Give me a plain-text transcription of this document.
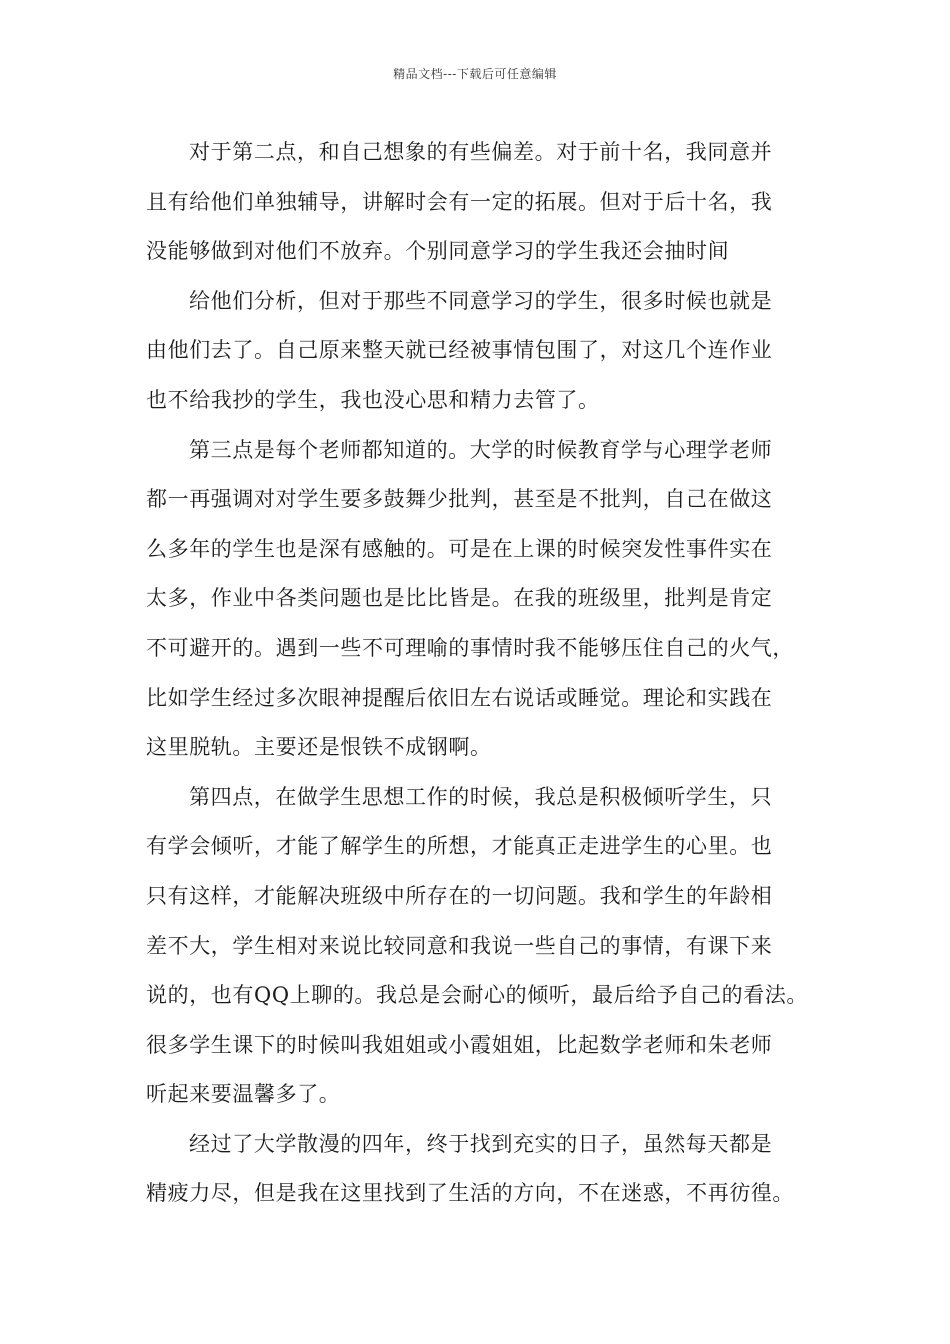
精品文档---下载后可任意编辑
对于第二点，和自己想象的有些偏差。对于前十名，我同意并
且有给他们单独辅导，讲解时会有一定的拓展。但对于后十名，我
没能够做到对他们不放弃。个别同意学习的学生我还会抽时间
给他们分析，但对于那些不同意学习的学生，很多时候也就是
由他们去了。自己原来整天就已经被事情包围了，对这几个连作业
也不给我抄的学生，我也没心思和精力去管了。
第三点是每个老师都知道的。大学的时候教育学与心理学老师
都一再强调对对学生要多鼓舞少批判，甚至是不批判，自己在做这
么多年的学生也是深有感触的。可是在上课的时候突发性事件实在
太多，作业中各类问题也是比比皆是。在我的班级里，批判是肯定
不可避开的。遇到一些不可理喻的事情时我不能够压住自己的火气，
比如学生经过多次眼神提醒后依旧左右说话或睡觉。理论和实践在
这里脱轨。主要还是恨铁不成钢啊。
第四点，在做学生思想工作的时候，我总是积极倾听学生，只
有学会倾听，才能了解学生的所想，才能真正走进学生的心里。也
只有这样，才能解决班级中所存在的一切问题。我和学生的年龄相
差不大，学生相对来说比较同意和我说一些自己的事情，有课下来
说的，也有QQ上聊的。我总是会耐心的倾听，最后给予自己的看法。
很多学生课下的时候叫我姐姐或小霞姐姐，比起数学老师和朱老师
听起来要温馨多了。
经过了大学散漫的四年，终于找到充实的日子，虽然每天都是
精疲力尽，但是我在这里找到了生活的方向，不在迷惑，不再彷徨。
